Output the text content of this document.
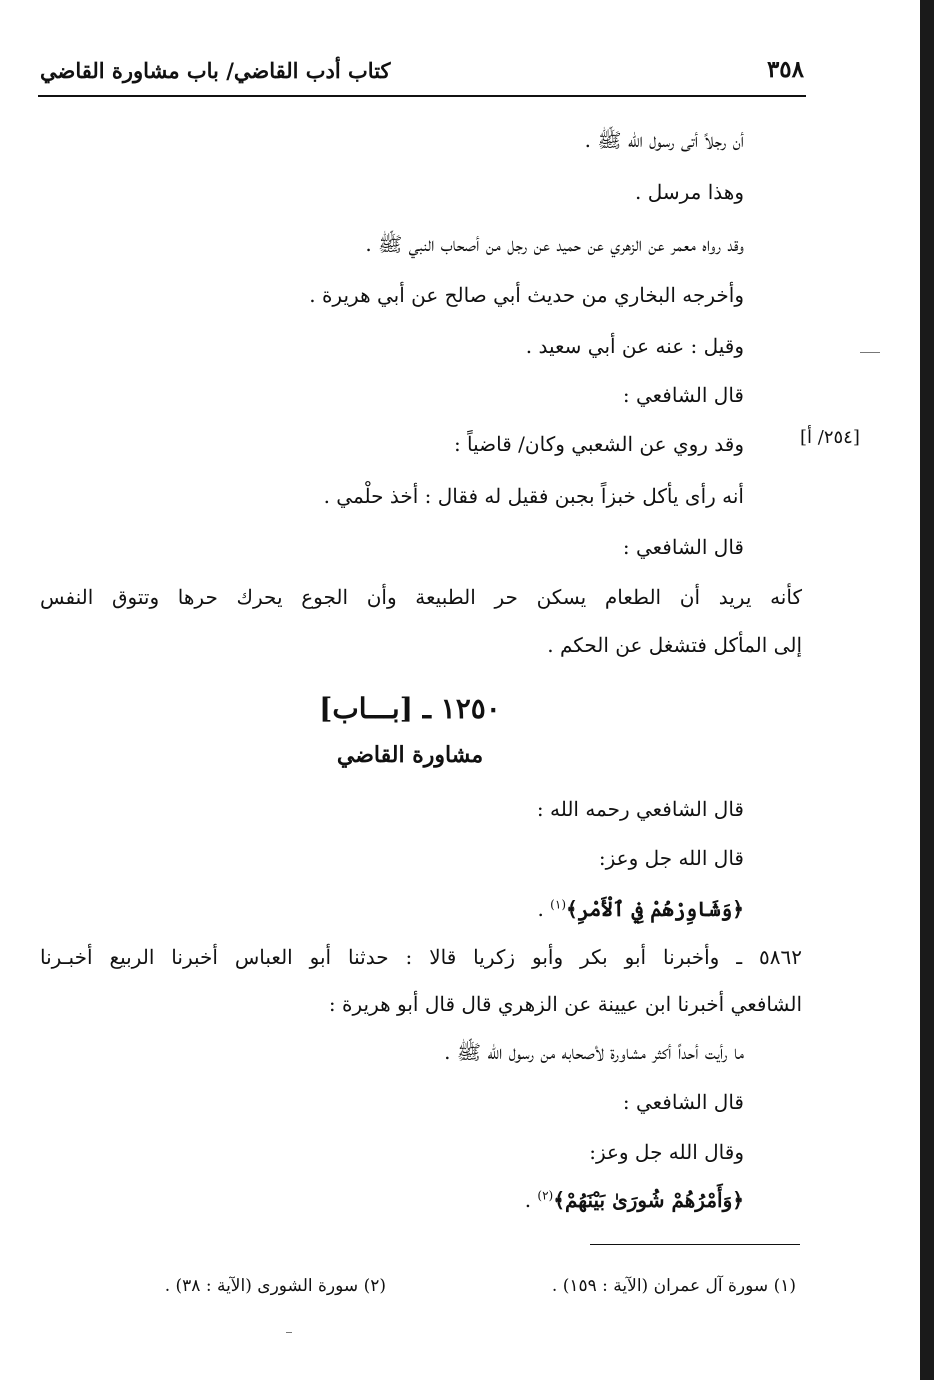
٣٥٨
كتاب أدب القاضي/ باب مشاورة القاضي
أن رجلاً أتى رسول الله ﷺ .
وهذا مرسل .
وقد رواه معمر عن الزهري عن حميد عن رجل من أصحاب النبي ﷺ .
وأخرجه البخاري من حديث أبي صالح عن أبي هريرة .
وقيل : عنه عن أبي سعيد .
قال الشافعي :
وقد روي عن الشعبي وكان/ قاضياً :	[٢٥٤/ أ]
أنه رأى يأكل خبزاً بجبن فقيل له فقال : أخذ حلْمي .
قال الشافعي :
كأنه يريد أن الطعام يسكن حر الطبيعة وأن الجوع يحرك حرها وتتوق النفس
إلى المأكل فتشغل عن الحكم .
١٢٥٠ ـ [بـــاب]
مشاورة القاضي
قال الشافعي رحمه الله :
قال الله جل وعز:
﴿وَشَاوِرْهُمْ فِي ٱلْأَمْرِ﴾$^{(١)}$ .
٥٨٦٢ ـ وأخبرنا أبو بكر وأبو زكريا قالا : حدثنا أبو العباس أخبرنا الربيع أخبـرنا
الشافعي أخبرنا ابن عيينة عن الزهري قال قال أبو هريرة :
ما رأيت أحداً أكثر مشاورة لأصحابه من رسول الله ﷺ .
قال الشافعي :
وقال الله جل وعز:
﴿وَأَمْرُهُمْ شُورَىٰ بَيْنَهُمْ﴾$^{(٢)}$ .
(١) سورة آل عمران (الآية : ١٥٩) .
(٢) سورة الشورى (الآية : ٣٨) .
